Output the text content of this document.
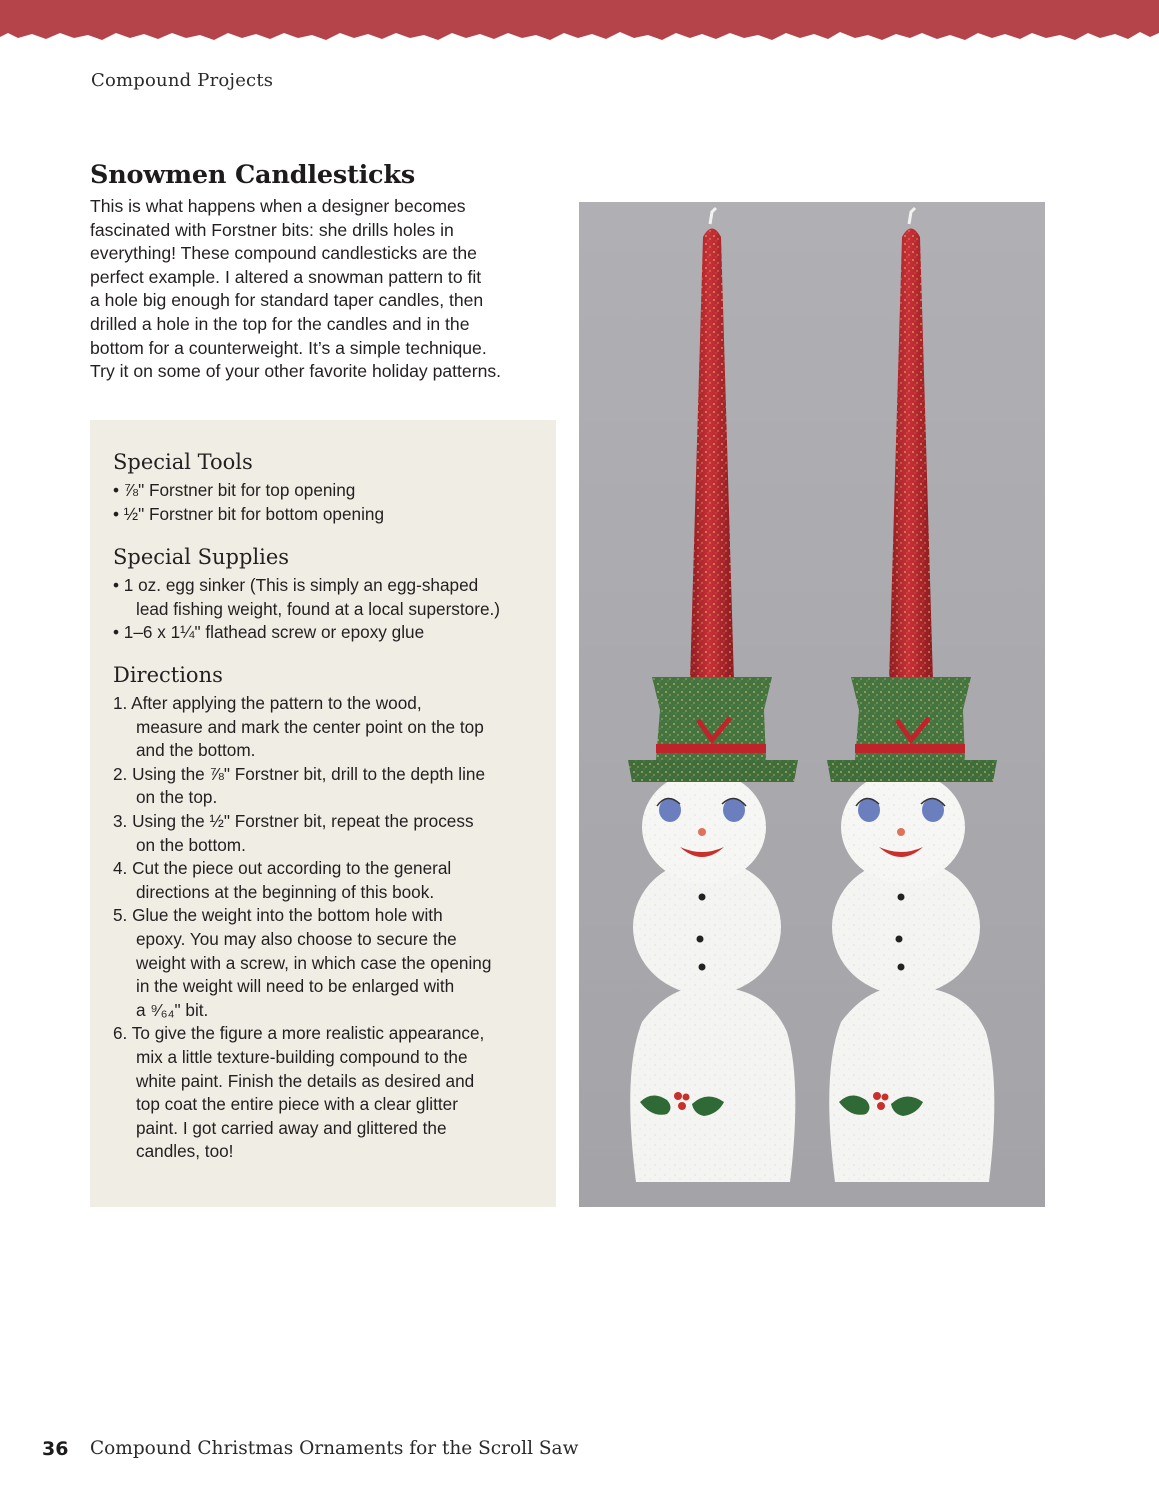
Compound Projects
Snowmen Candlesticks

This is what happens when a designer becomes
fascinated with Forstner bits: she drills holes in
everything! These compound candlesticks are the
perfect example. I altered a snowman pattern to fit
a hole big enough for standard taper candles, then
drilled a hole in the top for the candles and in the
bottom for a counterweight. It’s a simple technique.
Try it on some of your other favorite holiday patterns.

Special Tools
• ⅞" Forstner bit for top opening
• ½" Forstner bit for bottom opening
Special Supplies
• 1 oz. egg sinker (This is simply an egg-shaped
lead fishing weight, found at a local superstore.)
• 1–6 x 1¼" flathead screw or epoxy glue
Directions
1. After applying the pattern to the wood,
measure and mark the center point on the top
and the bottom.
2. Using the ⅞" Forstner bit, drill to the depth line
on the top.
3. Using the ½" Forstner bit, repeat the process
on the bottom.
4. Cut the piece out according to the general
directions at the beginning of this book.
5. Glue the weight into the bottom hole with
epoxy. You may also choose to secure the
weight with a screw, in which case the opening
in the weight will need to be enlarged with
a ⁹⁄₆₄" bit.
6. To give the figure a more realistic appearance,
mix a little texture-building compound to the
white paint. Finish the details as desired and
top coat the entire piece with a clear glitter
paint. I got carried away and glittered the
candles, too!
36 Compound Christmas Ornaments for the Scroll Saw
